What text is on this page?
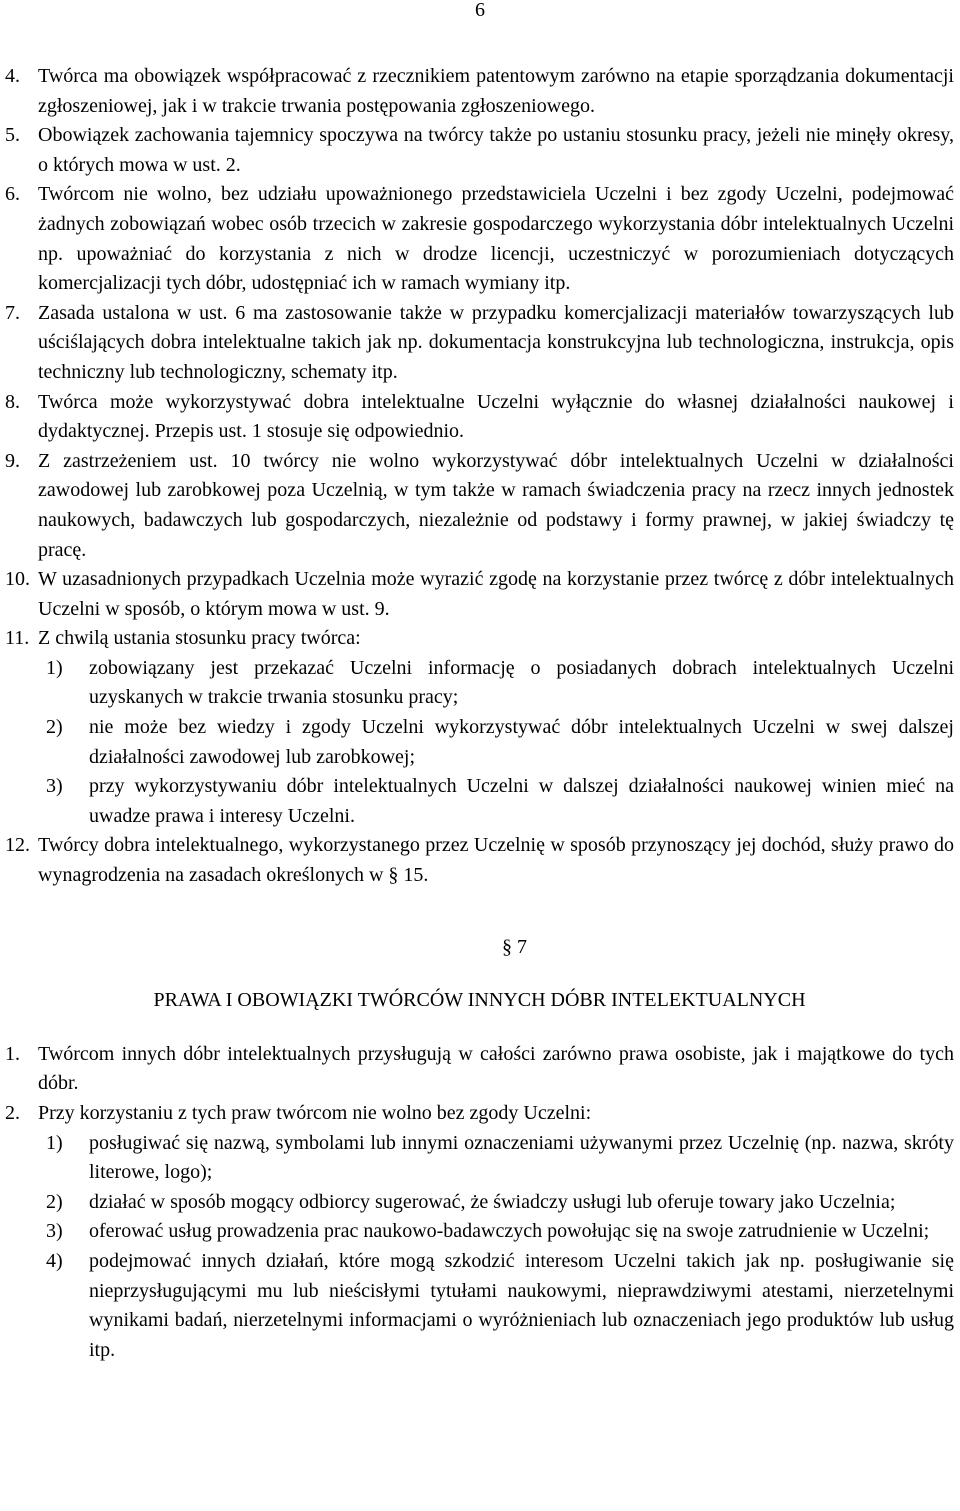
6
4. Twórca ma obowiązek współpracować z rzecznikiem patentowym zarówno na etapie sporządzania dokumentacji zgłoszeniowej, jak i w trakcie trwania postępowania zgłoszeniowego.
5. Obowiązek zachowania tajemnicy spoczywa na twórcy także po ustaniu stosunku pracy, jeżeli nie minęły okresy, o których mowa w ust. 2.
6. Twórcom nie wolno, bez udziału upoważnionego przedstawiciela Uczelni i bez zgody Uczelni, podejmować żadnych zobowiązań wobec osób trzecich w zakresie gospodarczego wykorzystania dóbr intelektualnych Uczelni np. upoważniać do korzystania z nich w drodze licencji, uczestniczyć w porozumieniach dotyczących komercjalizacji tych dóbr, udostępniać ich w ramach wymiany itp.
7. Zasada ustalona w ust. 6 ma zastosowanie także w przypadku komercjalizacji materiałów towarzyszących lub uściślających dobra intelektualne takich jak np. dokumentacja konstrukcyjna lub technologiczna, instrukcja, opis techniczny lub technologiczny, schematy itp.
8. Twórca może wykorzystywać dobra intelektualne Uczelni wyłącznie do własnej działalności naukowej i dydaktycznej. Przepis ust. 1 stosuje się odpowiednio.
9. Z zastrzeżeniem ust. 10 twórcy nie wolno wykorzystywać dóbr intelektualnych Uczelni w działalności zawodowej lub zarobkowej poza Uczelnią, w tym także w ramach świadczenia pracy na rzecz innych jednostek naukowych, badawczych lub gospodarczych, niezależnie od podstawy i formy prawnej, w jakiej świadczy tę pracę.
10. W uzasadnionych przypadkach Uczelnia może wyrazić zgodę na korzystanie przez twórcę z dóbr intelektualnych Uczelni w sposób, o którym mowa w ust. 9.
11. Z chwilą ustania stosunku pracy twórca:
1) zobowiązany jest przekazać Uczelni informację o posiadanych dobrach intelektualnych Uczelni uzyskanych w trakcie trwania stosunku pracy;
2) nie może bez wiedzy i zgody Uczelni wykorzystywać dóbr intelektualnych Uczelni w swej dalszej działalności zawodowej lub zarobkowej;
3) przy wykorzystywaniu dóbr intelektualnych Uczelni w dalszej działalności naukowej winien mieć na uwadze prawa i interesy Uczelni.
12. Twórcy dobra intelektualnego, wykorzystanego przez Uczelnię w sposób przynoszący jej dochód, służy prawo do wynagrodzenia na zasadach określonych w § 15.
§ 7
PRAWA I OBOWIĄZKI TWÓRCÓW INNYCH DÓBR INTELEKTUALNYCH
1. Twórcom innych dóbr intelektualnych przysługują w całości zarówno prawa osobiste, jak i majątkowe do tych dóbr.
2. Przy korzystaniu z tych praw twórcom nie wolno bez zgody Uczelni:
1) posługiwać się nazwą, symbolami lub innymi oznaczeniami używanymi przez Uczelnię (np. nazwa, skróty literowe, logo);
2) działać w sposób mogący odbiorcy sugerować, że świadczy usługi lub oferuje towary jako Uczelnia;
3) oferować usług prowadzenia prac naukowo-badawczych powołując się na swoje zatrudnienie w Uczelni;
4) podejmować innych działań, które mogą szkodzić interesom Uczelni takich jak np. posługiwanie się nieprzysługującymi mu lub nieścisłymi tytułami naukowymi, nieprawdziwymi atestami, nierzetelnymi wynikami badań, nierzetelnymi informacjami o wyróżnieniach lub oznaczeniach jego produktów lub usług itp.
